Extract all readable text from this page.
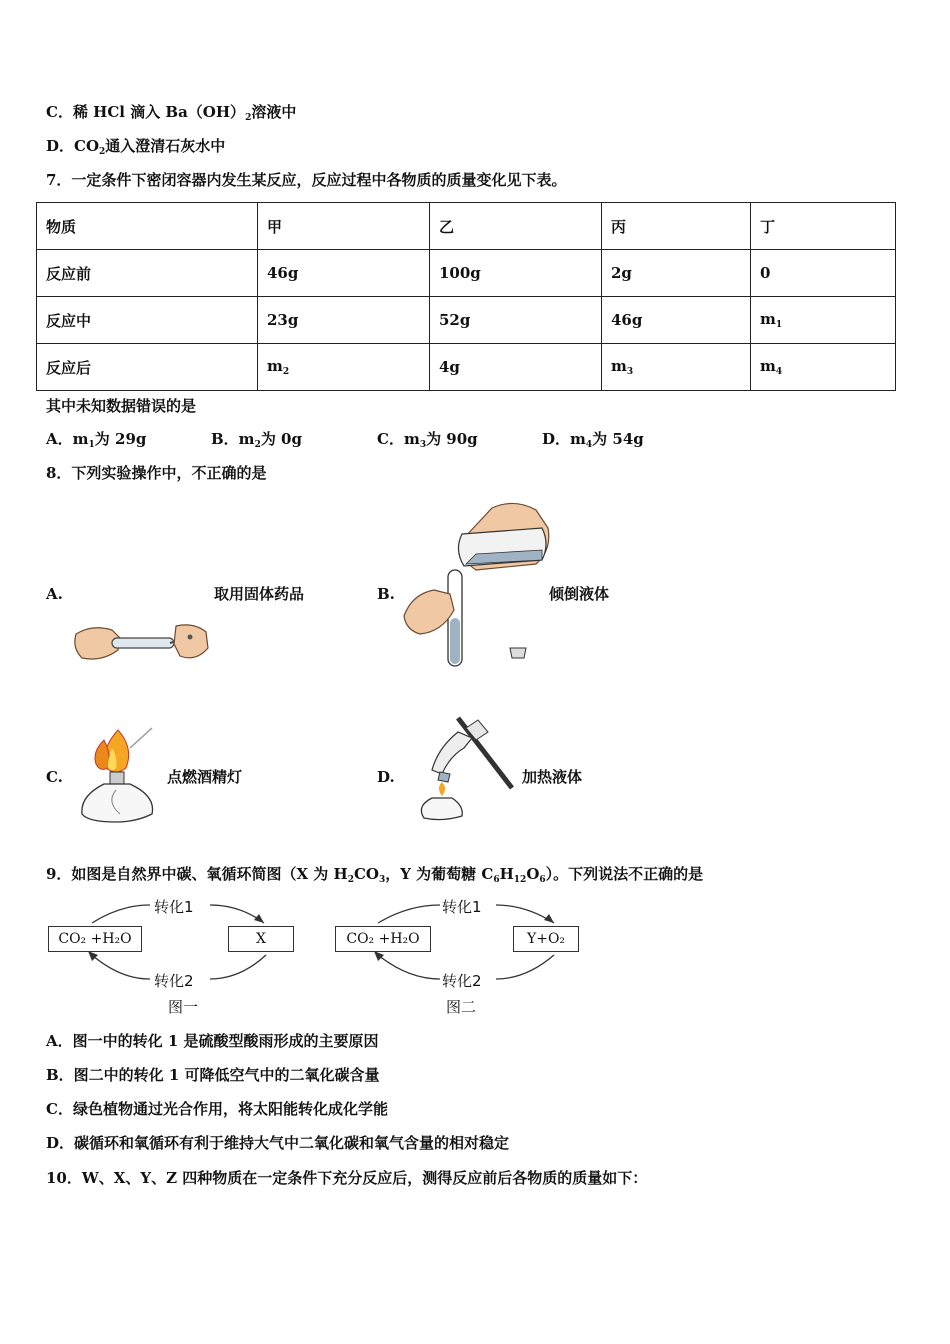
C．稀 HCl 滴入 $Ba(OH)_2$溶液中
D．$CO_2$通入澄清石灰水中
7．一定条件下密闭容器内发生某反应，反应过程中各物质的质量变化见下表。
物质	甲	乙	丙	丁
反应前	46g	100g	2g	0
反应中	23g	52g	46g	$m_1$
反应后	$m_2$	4g	$m_3$	$m_4$
其中未知数据错误的是
A．$m_1$为 29g	B．$m_2$为 0g	C．$m_3$为 90g	D．$m_4$为 54g
8．下列实验操作中，不正确的是
A.	取用固体药品	B.	倾倒液体
C.	点燃酒精灯	D.	加热液体
9．如图是自然界中碳、氧循环简图（X 为 $H_2CO_3$，Y 为葡萄糖 $C_6H_{12}O_6$）。下列说法不正确的是
CO₂ +H₂O	X
转化1
转化2
图一
CO₂ +H₂O	Y+O₂
转化1
转化2
图二
A．图一中的转化 1 是硫酸型酸雨形成的主要原因
B．图二中的转化 1 可降低空气中的二氧化碳含量
C．绿色植物通过光合作用，将太阳能转化成化学能
D．碳循环和氧循环有利于维持大气中二氧化碳和氧气含量的相对稳定
10．W、X、Y、Z 四种物质在一定条件下充分反应后，测得反应前后各物质的质量如下：
